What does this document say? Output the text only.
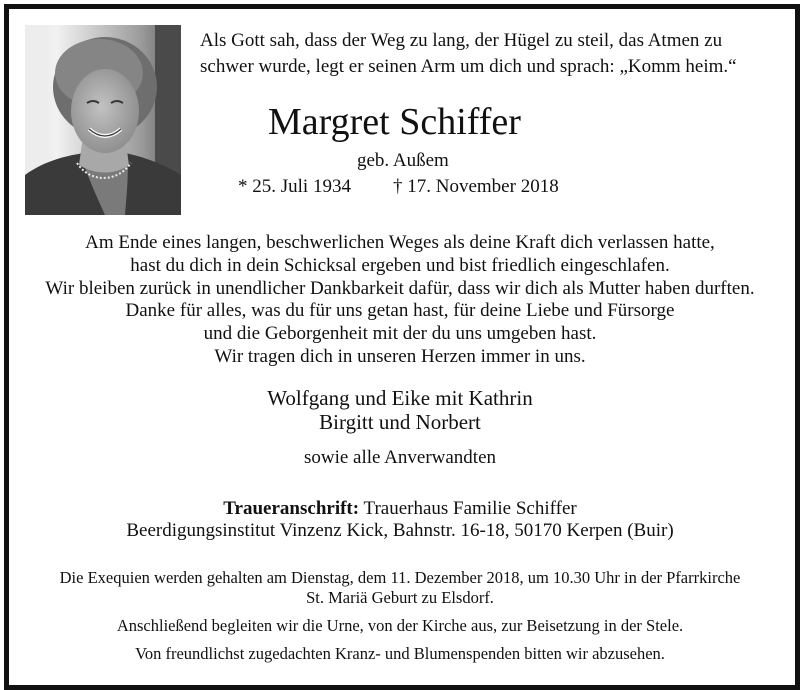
Als Gott sah, dass der Weg zu lang, der Hügel zu steil, das Atmen zu
schwer wurde, legt er seinen Arm um dich und sprach: „Komm heim.“
Margret Schiffer
geb. Außem
* 25. Juli 1934 † 17. November 2018
Am Ende eines langen, beschwerlichen Weges als deine Kraft dich verlassen hatte,
hast du dich in dein Schicksal ergeben und bist friedlich eingeschlafen.
Wir bleiben zurück in unendlicher Dankbarkeit dafür, dass wir dich als Mutter haben durften.
Danke für alles, was du für uns getan hast, für deine Liebe und Fürsorge
und die Geborgenheit mit der du uns umgeben hast.
Wir tragen dich in unseren Herzen immer in uns.
Wolfgang und Eike mit Kathrin
Birgitt und Norbert
sowie alle Anverwandten
Traueranschrift: Trauerhaus Familie Schiffer
Beerdigungsinstitut Vinzenz Kick, Bahnstr. 16-18, 50170 Kerpen (Buir)
Die Exequien werden gehalten am Dienstag, dem 11. Dezember 2018, um 10.30 Uhr in der Pfarrkirche
St. Mariä Geburt zu Elsdorf.
Anschließend begleiten wir die Urne, von der Kirche aus, zur Beisetzung in der Stele.
Von freundlichst zugedachten Kranz- und Blumenspenden bitten wir abzusehen.
